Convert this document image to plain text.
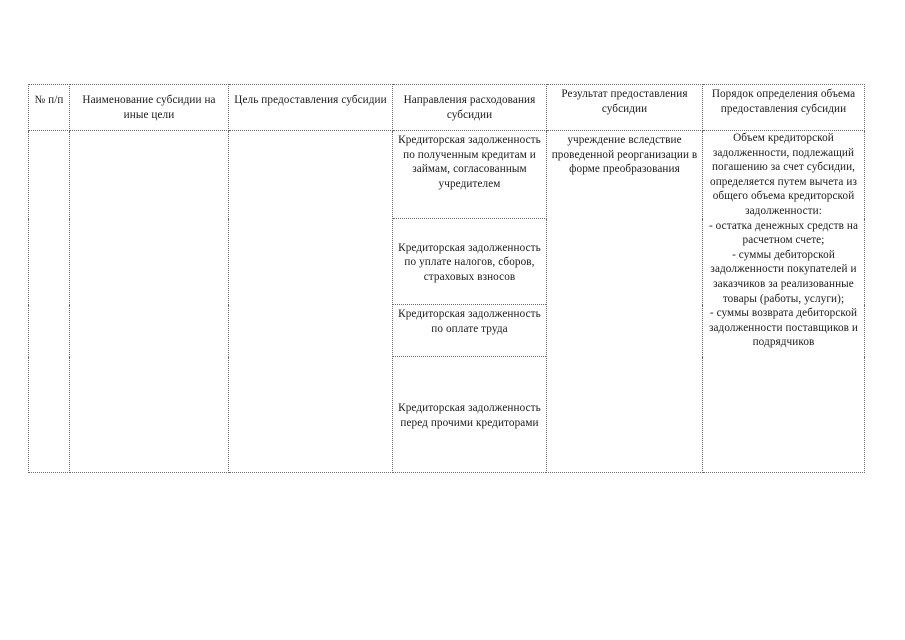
№ п/п	Наименование субсидии на иные цели	Цель предоставления субсидии	Направления расходования субсидии	Результат предоставления субсидии	Порядок определения объема предоставления субсидии
			Кредиторская задолженность по полученным кредитам и займам, согласованным учредителем	учреждение вследствие проведенной реорганизации в форме преобразования	Объем кредиторской задолженности, подлежащий погашению за счет субсидии, определяется путем вычета из общего объема кредиторской задолженности:
- остатка денежных средств на расчетном счете;
- суммы дебиторской задолженности покупателей и заказчиков за реализованные товары (работы, услуги);
- суммы возврата дебиторской задолженности поставщиков и подрядчиков

			Кредиторская задолженность по уплате налогов, сборов, страховых взносов		
			Кредиторская задолженность по оплате труда		
			Кредиторская задолженность перед прочими кредиторами		
